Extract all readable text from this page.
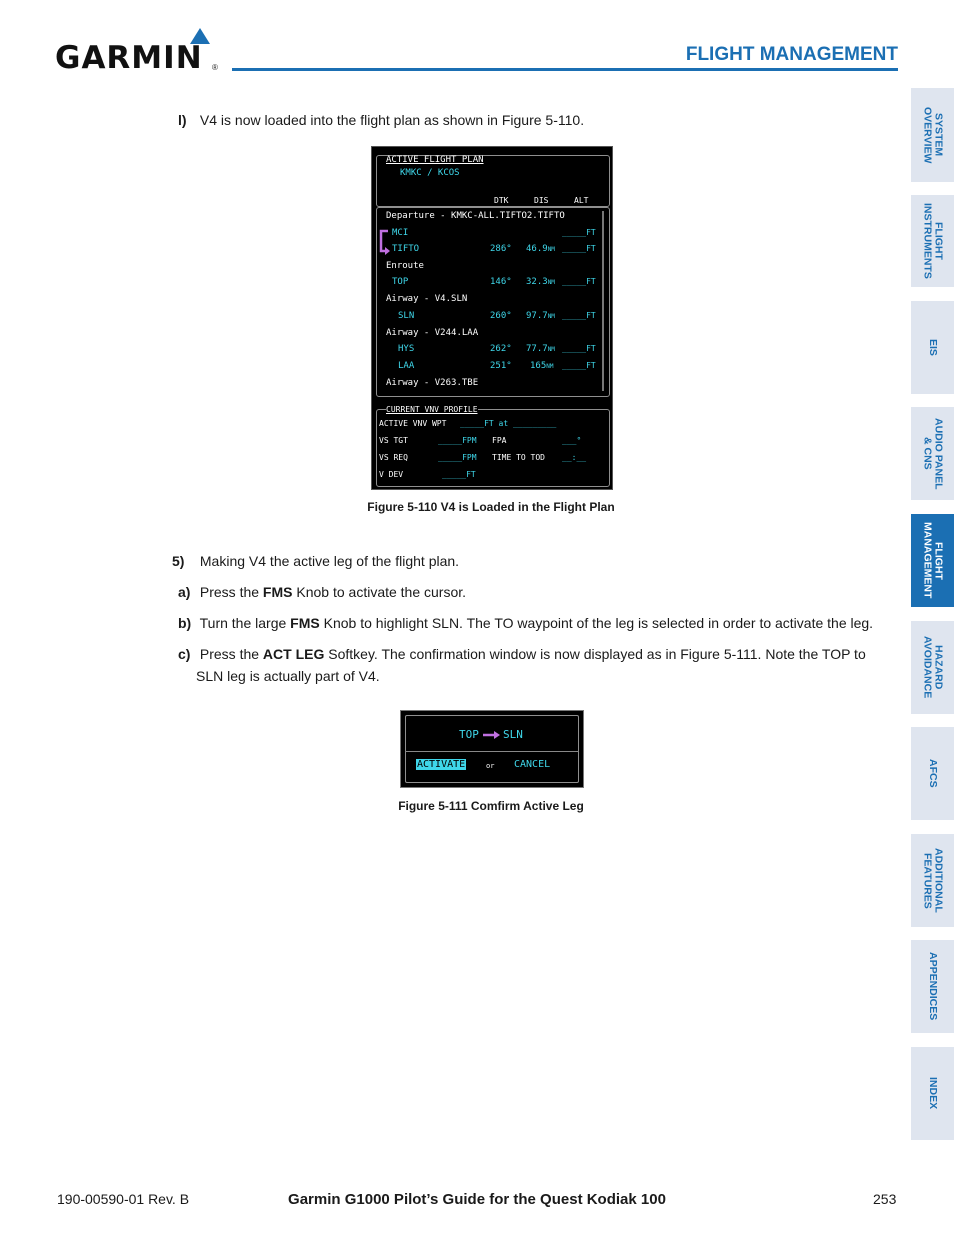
GARMIN ®
FLIGHT MANAGEMENT
SYSTEM
OVERVIEW
FLIGHT
INSTRUMENTS
EIS
AUDIO PANEL
& CNS
FLIGHT
MANAGEMENT
HAZARD
AVOIDANCE
AFCS
ADDITIONAL
FEATURES
APPENDICES
INDEX
l) V4 is now loaded into the flight plan as shown in Figure 5-110.
ACTIVE FLIGHT PLAN
KMKC / KCOS
DTK	DIS	ALT
Departure - KMKC-ALL.TIFTO2.TIFTO
MCI	_____FT
TIFTO	286° 46.9NM _____FT
Enroute
TOP	146° 32.3NM _____FT
Airway - V4.SLN
SLN	260° 97.7NM _____FT
Airway - V244.LAA
HYS	262° 77.7NM _____FT
LAA	251° 165NM _____FT
Airway - V263.TBE
CURRENT VNV PROFILE
ACTIVE VNV WPT _____FT at _________
VS TGT	_____FPM FPA	___°
VS REQ	_____FPM TIME TO TOD __:__
V DEV	_____FT
Figure 5-110 V4 is Loaded in the Flight Plan
5) Making V4 the active leg of the flight plan.
a) Press the FMS Knob to activate the cursor.
b) Turn the large FMS Knob to highlight SLN. The TO waypoint of the leg is selected in order to activate the leg.
c) Press the ACT LEG Softkey. The confirmation window is now displayed as in Figure 5-111. Note the TOP to
SLN leg is actually part of V4.
TOP SLN
ACTIVATE	or CANCEL
Figure 5-111 Comfirm Active Leg
190-00590-01 Rev. B	Garmin G1000 Pilot’s Guide for the Quest Kodiak 100	253
